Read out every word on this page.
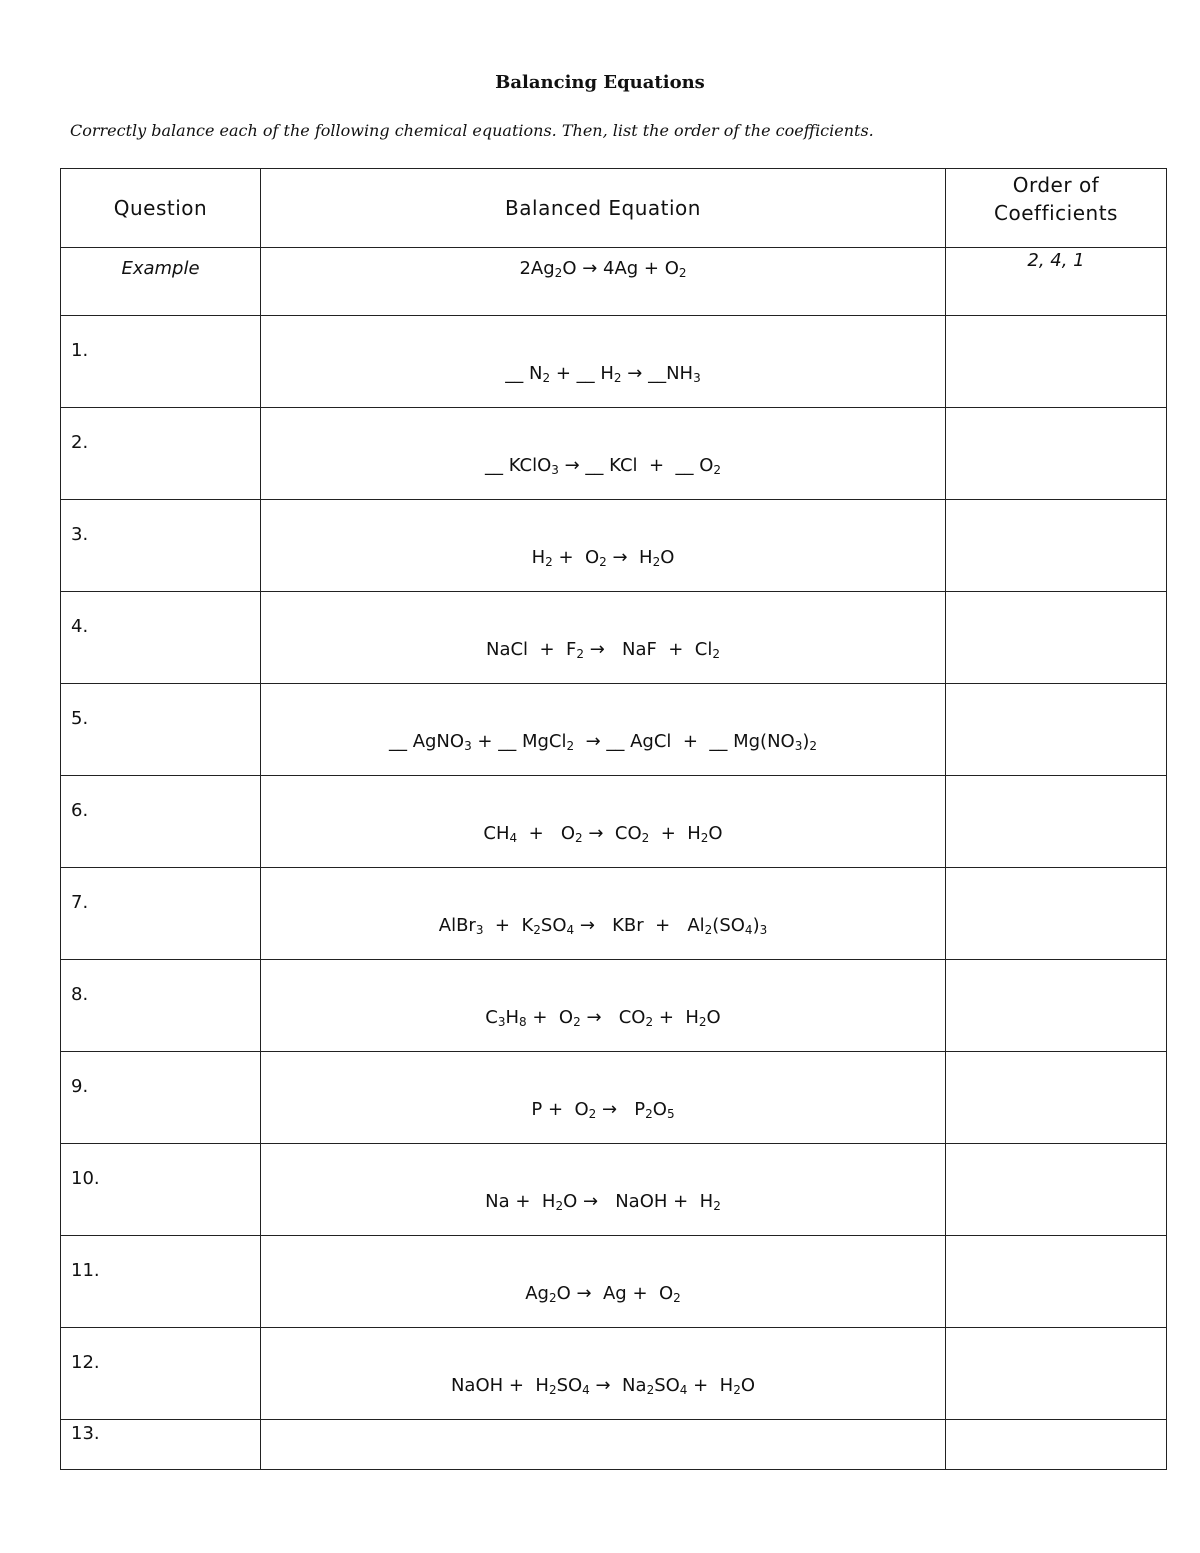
Balancing Equations
Correctly balance each of the following chemical equations. Then, list the order of the coefficients.
Question	Balanced Equation	Order of
Coefficients

Example	$2Ag_2O \to 4Ag + O_2$	2, 4, 1

1.	__ $N_2$ + __ $H_2$ → $\_\_NH_3$

2.	__ KClO$_3$ → __ KCl  +  __ $O_2$

3.	$H_2 + O_2 \to H_2O$	

4.	NaCl  +  $F_2$ →   NaF  +  $Cl_2$

5.	__ AgNO$_3$ + __ MgCl$_2$  → __ AgCl  +  __ $Mg(NO_3)_2$

6.	$CH_4 + O_2 \to CO_2 + H_2O$	

7.	AlBr$_3$  +  $K_2SO_4$ →   KBr  +   $Al_2(SO_4)_3$

8.	$C_3H_8 + O_2 \to CO_2 + H_2O$	

9.	$P + O_2 \to P_2O_5$

10.	$Na + H_2O$ →   NaOH +  $H_2$

11.	$Ag_2O \to Ag + O_2$

12.	NaOH +  $H_2SO_4 \to Na_2SO_4 + H_2O$	

13.		
